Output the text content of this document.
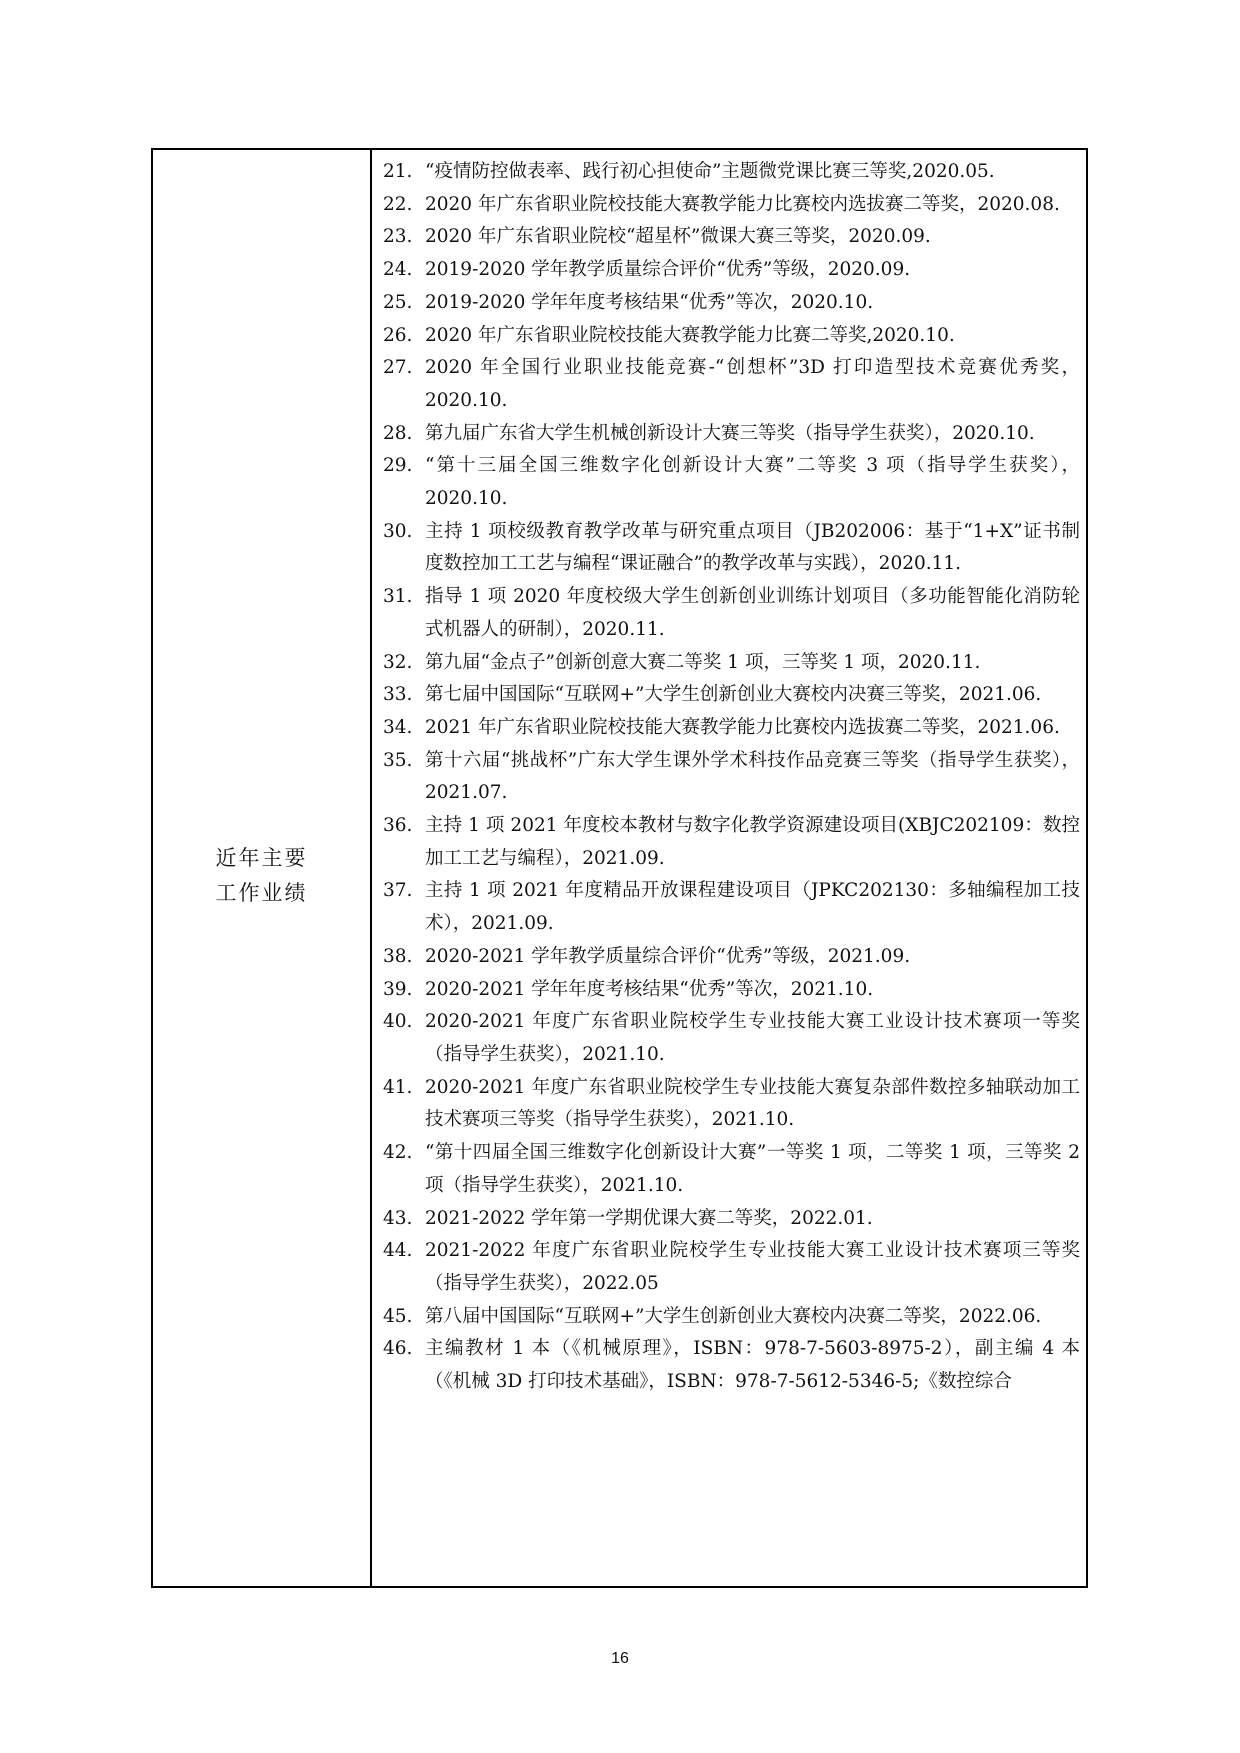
近年主要
工作业绩
21. “疫情防控做表率、践行初心担使命”主题微党课比赛三等奖,2020.05.
22. 2020 年广东省职业院校技能大赛教学能力比赛校内选拔赛二等奖，2020.08.
23. 2020 年广东省职业院校“超星杯”微课大赛三等奖，2020.09.
24. 2019-2020 学年教学质量综合评价“优秀”等级，2020.09.
25. 2019-2020 学年年度考核结果“优秀”等次，2020.10.
26. 2020 年广东省职业院校技能大赛教学能力比赛二等奖,2020.10.
27. 2020 年全国行业职业技能竞赛-“创想杯”3D 打印造型技术竞赛优秀奖，2020.10.
28. 第九届广东省大学生机械创新设计大赛三等奖（指导学生获奖），2020.10.
29. “第十三届全国三维数字化创新设计大赛”二等奖 3 项（指导学生获奖），2020.10.
30. 主持 1 项校级教育教学改革与研究重点项目（JB202006：基于“1+X”证书制度数控加工工艺与编程“课证融合”的教学改革与实践），2020.11.
31. 指导 1 项 2020 年度校级大学生创新创业训练计划项目（多功能智能化消防轮式机器人的研制），2020.11.
32. 第九届“金点子”创新创意大赛二等奖 1 项，三等奖 1 项，2020.11.
33. 第七届中国国际“互联网+”大学生创新创业大赛校内决赛三等奖，2021.06.
34. 2021 年广东省职业院校技能大赛教学能力比赛校内选拔赛二等奖，2021.06.
35. 第十六届“挑战杯”广东大学生课外学术科技作品竞赛三等奖（指导学生获奖），2021.07.
36. 主持 1 项 2021 年度校本教材与数字化教学资源建设项目(XBJC202109：数控加工工艺与编程），2021.09.
37. 主持 1 项 2021 年度精品开放课程建设项目（JPKC202130：多轴编程加工技术），2021.09.
38. 2020-2021 学年教学质量综合评价“优秀”等级，2021.09.
39. 2020-2021 学年年度考核结果“优秀”等次，2021.10.
40. 2020-2021 年度广东省职业院校学生专业技能大赛工业设计技术赛项一等奖（指导学生获奖），2021.10.
41. 2020-2021 年度广东省职业院校学生专业技能大赛复杂部件数控多轴联动加工技术赛项三等奖（指导学生获奖），2021.10.
42. “第十四届全国三维数字化创新设计大赛”一等奖 1 项，二等奖 1 项，三等奖 2 项（指导学生获奖），2021.10.
43. 2021-2022 学年第一学期优课大赛二等奖，2022.01.
44. 2021-2022 年度广东省职业院校学生专业技能大赛工业设计技术赛项三等奖（指导学生获奖），2022.05
45. 第八届中国国际“互联网+”大学生创新创业大赛校内决赛二等奖，2022.06.
46. 主编教材 1 本（《机械原理》，ISBN：978-7-5603-8975-2），副主编 4 本（《机械 3D 打印技术基础》，ISBN：978-7-5612-5346-5;《数控综合
16
